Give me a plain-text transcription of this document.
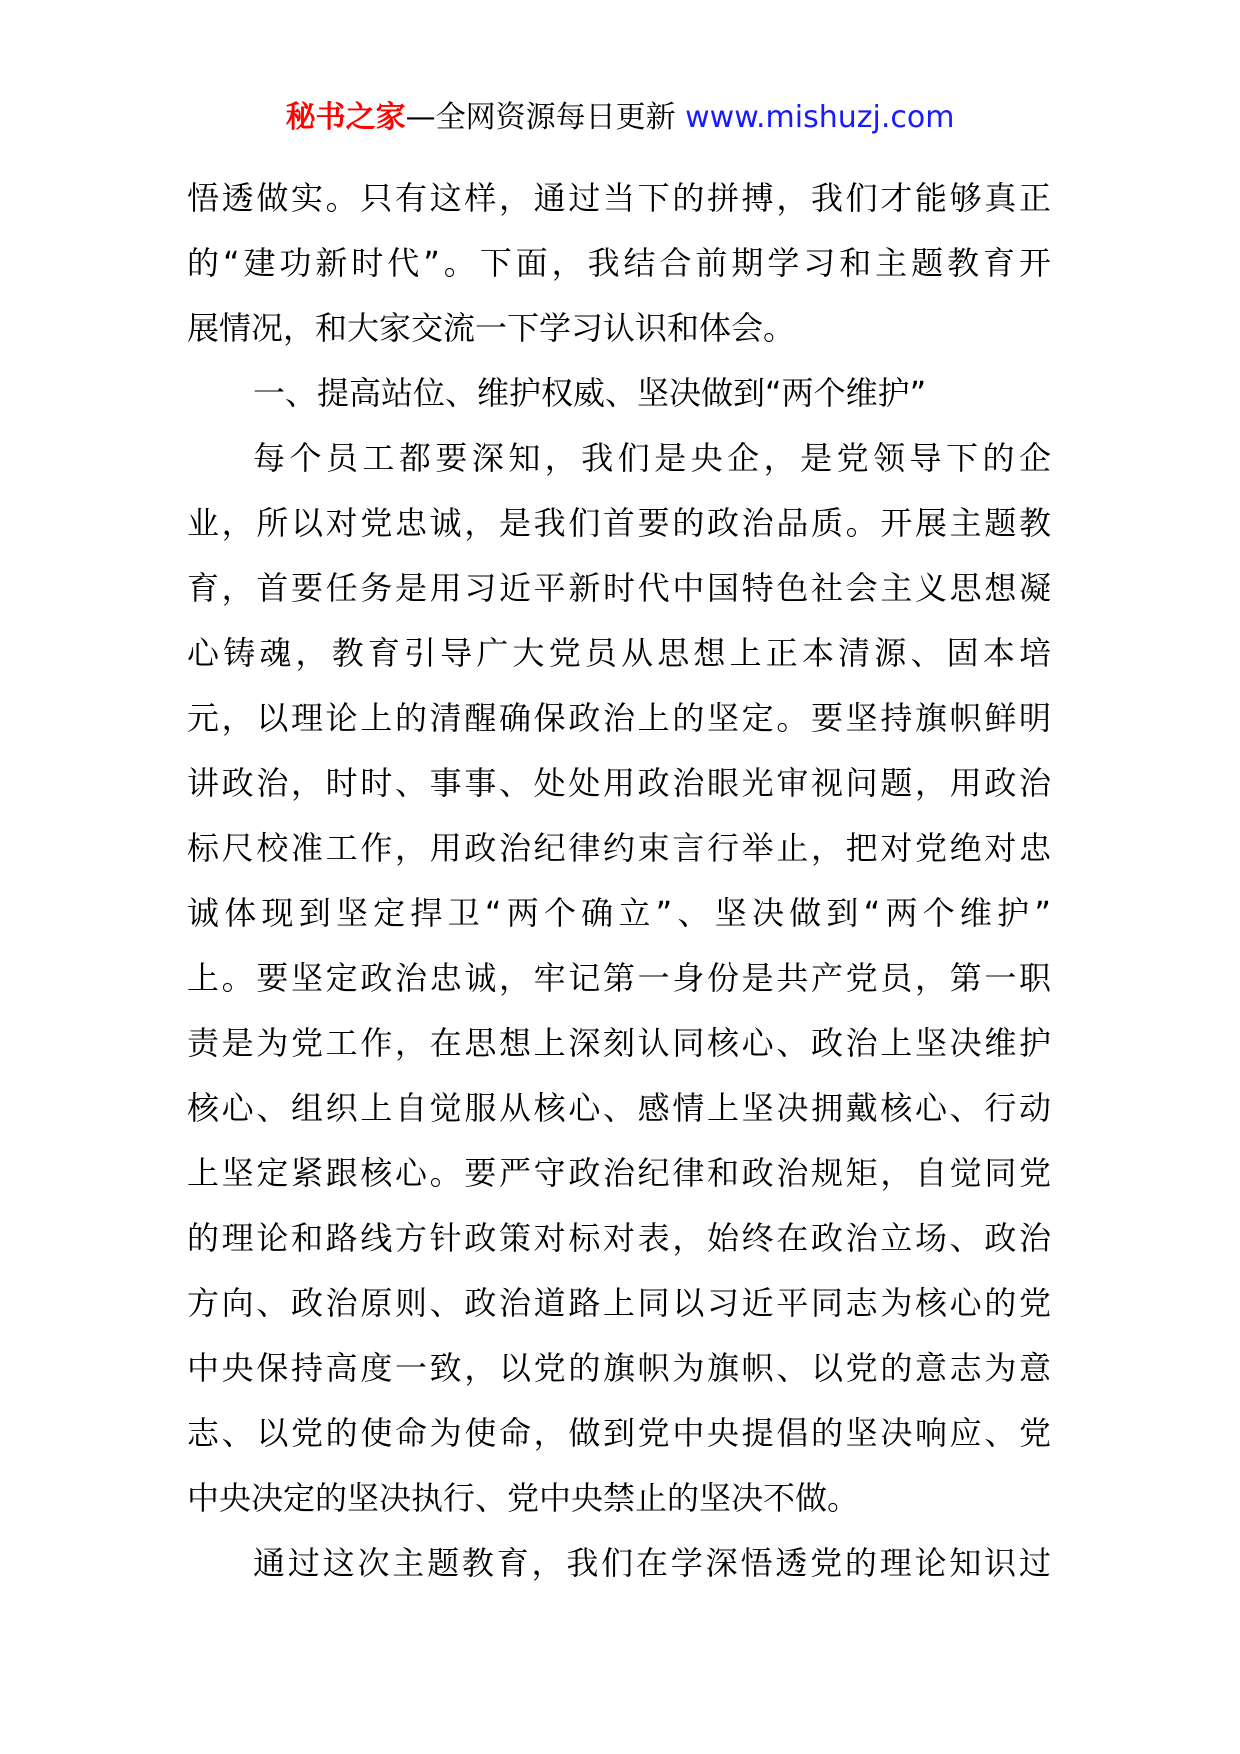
秘书之家—全网资源每日更新 www.mishuzj.com
悟透做实。只有这样，通过当下的拼搏，我们才能够真正
的“建功新时代”。下面，我结合前期学习和主题教育开
展情况，和大家交流一下学习认识和体会。
一、提高站位、维护权威、坚决做到“两个维护”
每个员工都要深知，我们是央企，是党领导下的企
业，所以对党忠诚，是我们首要的政治品质。开展主题教
育，首要任务是用习近平新时代中国特色社会主义思想凝
心铸魂，教育引导广大党员从思想上正本清源、固本培
元，以理论上的清醒确保政治上的坚定。要坚持旗帜鲜明
讲政治，时时、事事、处处用政治眼光审视问题，用政治
标尺校准工作，用政治纪律约束言行举止，把对党绝对忠
诚体现到坚定捍卫“两个确立”、坚决做到“两个维护”
上。要坚定政治忠诚，牢记第一身份是共产党员，第一职
责是为党工作，在思想上深刻认同核心、政治上坚决维护
核心、组织上自觉服从核心、感情上坚决拥戴核心、行动
上坚定紧跟核心。要严守政治纪律和政治规矩，自觉同党
的理论和路线方针政策对标对表，始终在政治立场、政治
方向、政治原则、政治道路上同以习近平同志为核心的党
中央保持高度一致，以党的旗帜为旗帜、以党的意志为意
志、以党的使命为使命，做到党中央提倡的坚决响应、党
中央决定的坚决执行、党中央禁止的坚决不做。
通过这次主题教育，我们在学深悟透党的理论知识过
